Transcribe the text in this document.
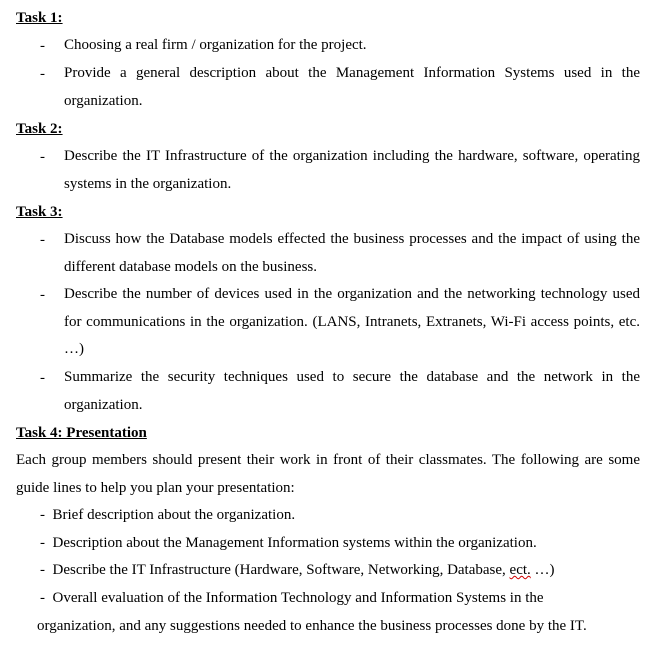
Task 1:
- Choosing a real firm / organization for the project.
- Provide a general description about the Management Information Systems used in the organization.
Task 2:
- Describe the IT Infrastructure of the organization including the hardware, software, operating systems in the organization.
Task 3:
- Discuss how the Database models effected the business processes and the impact of using the different database models on the business.
- Describe the number of devices used in the organization and the networking technology used for communications in the organization. (LANS, Intranets, Extranets, Wi-Fi access points, etc. …)
- Summarize the security techniques used to secure the database and the network in the organization.
Task 4: Presentation
Each group members should present their work in front of their classmates. The following are some guide lines to help you plan your presentation:
- Brief description about the organization.
- Description about the Management Information systems within the organization.
- Describe the IT Infrastructure (Hardware, Software, Networking, Database, ect. …)
- Overall evaluation of the Information Technology and Information Systems in the
organization, and any suggestions needed to enhance the business processes done by the IT.
